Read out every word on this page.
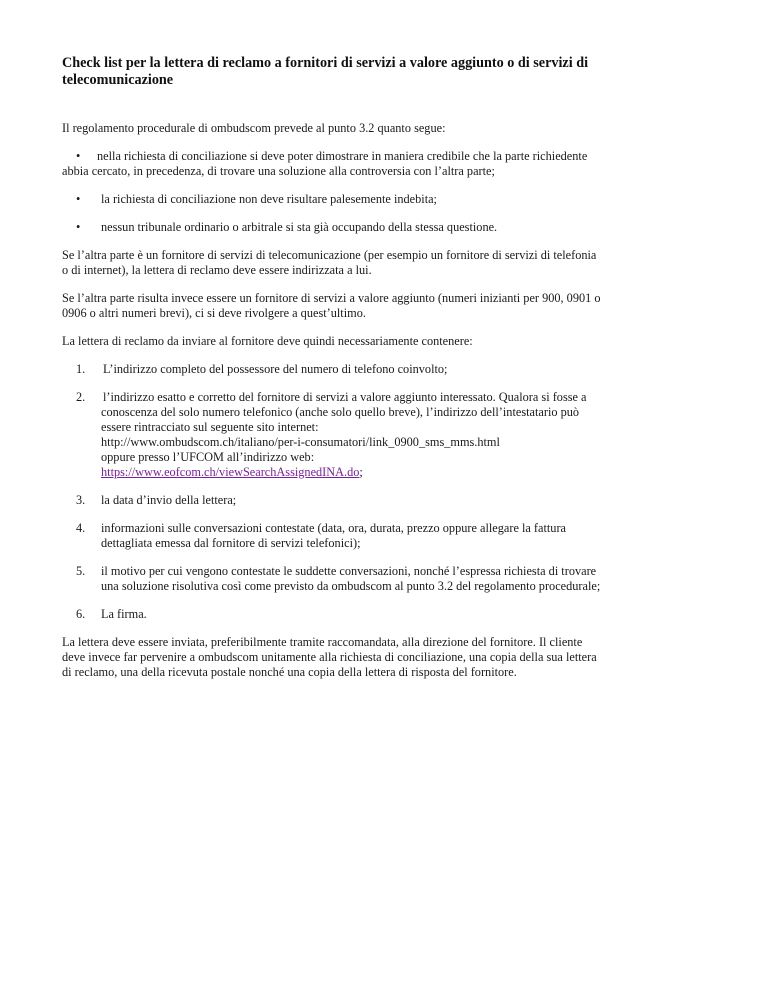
Check list per la lettera di reclamo a fornitori di servizi a valore aggiunto o di servizi di telecomunicazione

Il regolamento procedurale di ombudscom prevede al punto 3.2 quanto segue:

• nella richiesta di conciliazione si deve poter dimostrare in maniera credibile che la parte richiedente abbia cercato, in precedenza, di trovare una soluzione alla controversia con l’altra parte;
• la richiesta di conciliazione non deve risultare palesemente indebita;
• nessun tribunale ordinario o arbitrale si sta già occupando della stessa questione.

Se l’altra parte è un fornitore di servizi di telecomunicazione (per esempio un fornitore di servizi di telefonia o di internet), la lettera di reclamo deve essere indirizzata a lui.

Se l’altra parte risulta invece essere un fornitore di servizi a valore aggiunto (numeri inizianti per 900, 0901 o 0906 o altri numeri brevi), ci si deve rivolgere a quest’ultimo.

La lettera di reclamo da inviare al fornitore deve quindi necessariamente contenere:

1. L’indirizzo completo del possessore del numero di telefono coinvolto;
2. l’indirizzo esatto e corretto del fornitore di servizi a valore aggiunto interessato. Qualora si fosse a conoscenza del solo numero telefonico (anche solo quello breve), l’indirizzo dell’intestatario può essere rintracciato sul seguente sito internet:
http://www.ombudscom.ch/italiano/per-i-consumatori/link_0900_sms_mms.html
oppure presso l’UFCOM all’indirizzo web:
https://www.eofcom.ch/viewSearchAssignedINA.do;
3. la data d’invio della lettera;
4. informazioni sulle conversazioni contestate (data, ora, durata, prezzo oppure allegare la fattura dettagliata emessa dal fornitore di servizi telefonici);
5. il motivo per cui vengono contestate le suddette conversazioni, nonché l’espressa richiesta di trovare una soluzione risolutiva così come previsto da ombudscom al punto 3.2 del regolamento procedurale;
6. La firma.

La lettera deve essere inviata, preferibilmente tramite raccomandata, alla direzione del fornitore. Il cliente deve invece far pervenire a ombudscom unitamente alla richiesta di conciliazione, una copia della sua lettera di reclamo, una della ricevuta postale nonché una copia della lettera di risposta del fornitore.
